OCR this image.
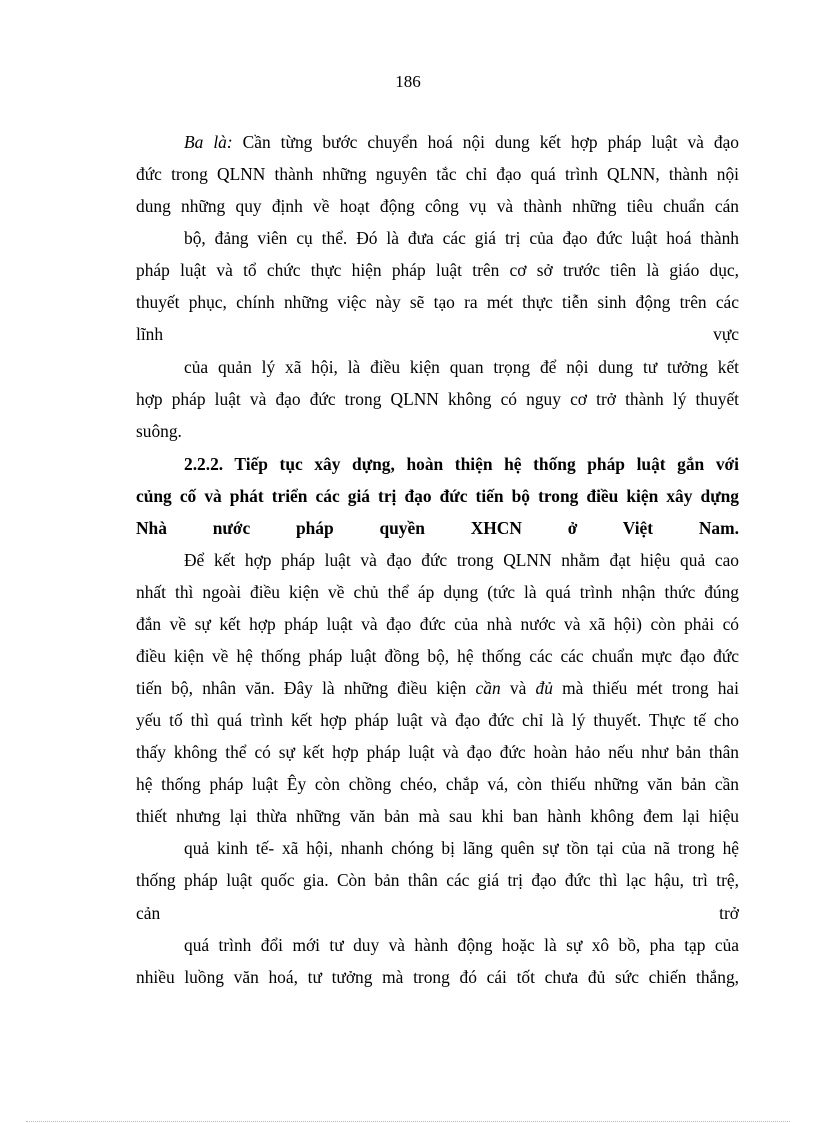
186
Ba là: Cần từng bước chuyển hoá nội dung kết hợp pháp luật và đạo
đức trong QLNN thành những nguyên tắc chỉ đạo quá trình QLNN, thành nội
dung những quy định về hoạt động công vụ và thành những tiêu chuẩn cán
bộ, đảng viên cụ thể. Đó là đưa các giá trị của đạo đức luật hoá thành
pháp luật và tổ chức thực hiện pháp luật trên cơ sở trước tiên là giáo dục,
thuyết phục, chính những việc này sẽ tạo ra mét thực tiễn sinh động trên các
lĩnh	vực
của quản lý xã hội, là điều kiện quan trọng để nội dung tư tưởng kết
hợp pháp luật và đạo đức trong QLNN không có nguy cơ trở thành lý thuyết
suông.
2.2.2. Tiếp tục xây dựng, hoàn thiện hệ thống pháp luật gắn với
củng cố và phát triển các giá trị đạo đức tiến bộ trong điều kiện xây dựng
Nhà	nước	pháp	quyền	XHCN	ở	Việt	Nam.
Để kết hợp pháp luật và đạo đức trong QLNN nhằm đạt hiệu quả cao
nhất thì ngoài điều kiện về chủ thể áp dụng (tức là quá trình nhận thức đúng
đắn về sự kết hợp pháp luật và đạo đức của nhà nước và xã hội) còn phải có
điều kiện về hệ thống pháp luật đồng bộ, hệ thống các các chuẩn mực đạo đức
tiến bộ, nhân văn. Đây là những điều kiện cần và đủ mà thiếu mét trong hai
yếu tố thì quá trình kết hợp pháp luật và đạo đức chỉ là lý thuyết. Thực tế cho
thấy không thể có sự kết hợp pháp luật và đạo đức hoàn hảo nếu như bản thân
hệ thống pháp luật Êy còn chồng chéo, chắp vá, còn thiếu những văn bản cần
thiết nhưng lại thừa những văn bản mà sau khi ban hành không đem lại hiệu
quả kinh tế- xã hội, nhanh chóng bị lãng quên sự tồn tại của nã trong hệ
thống pháp luật quốc gia. Còn bản thân các giá trị đạo đức thì lạc hậu, trì trệ,
cản	trở
quá trình đổi mới tư duy và hành động hoặc là sự xô bồ, pha tạp của
nhiều luồng văn hoá, tư tưởng mà trong đó cái tốt chưa đủ sức chiến thắng,
